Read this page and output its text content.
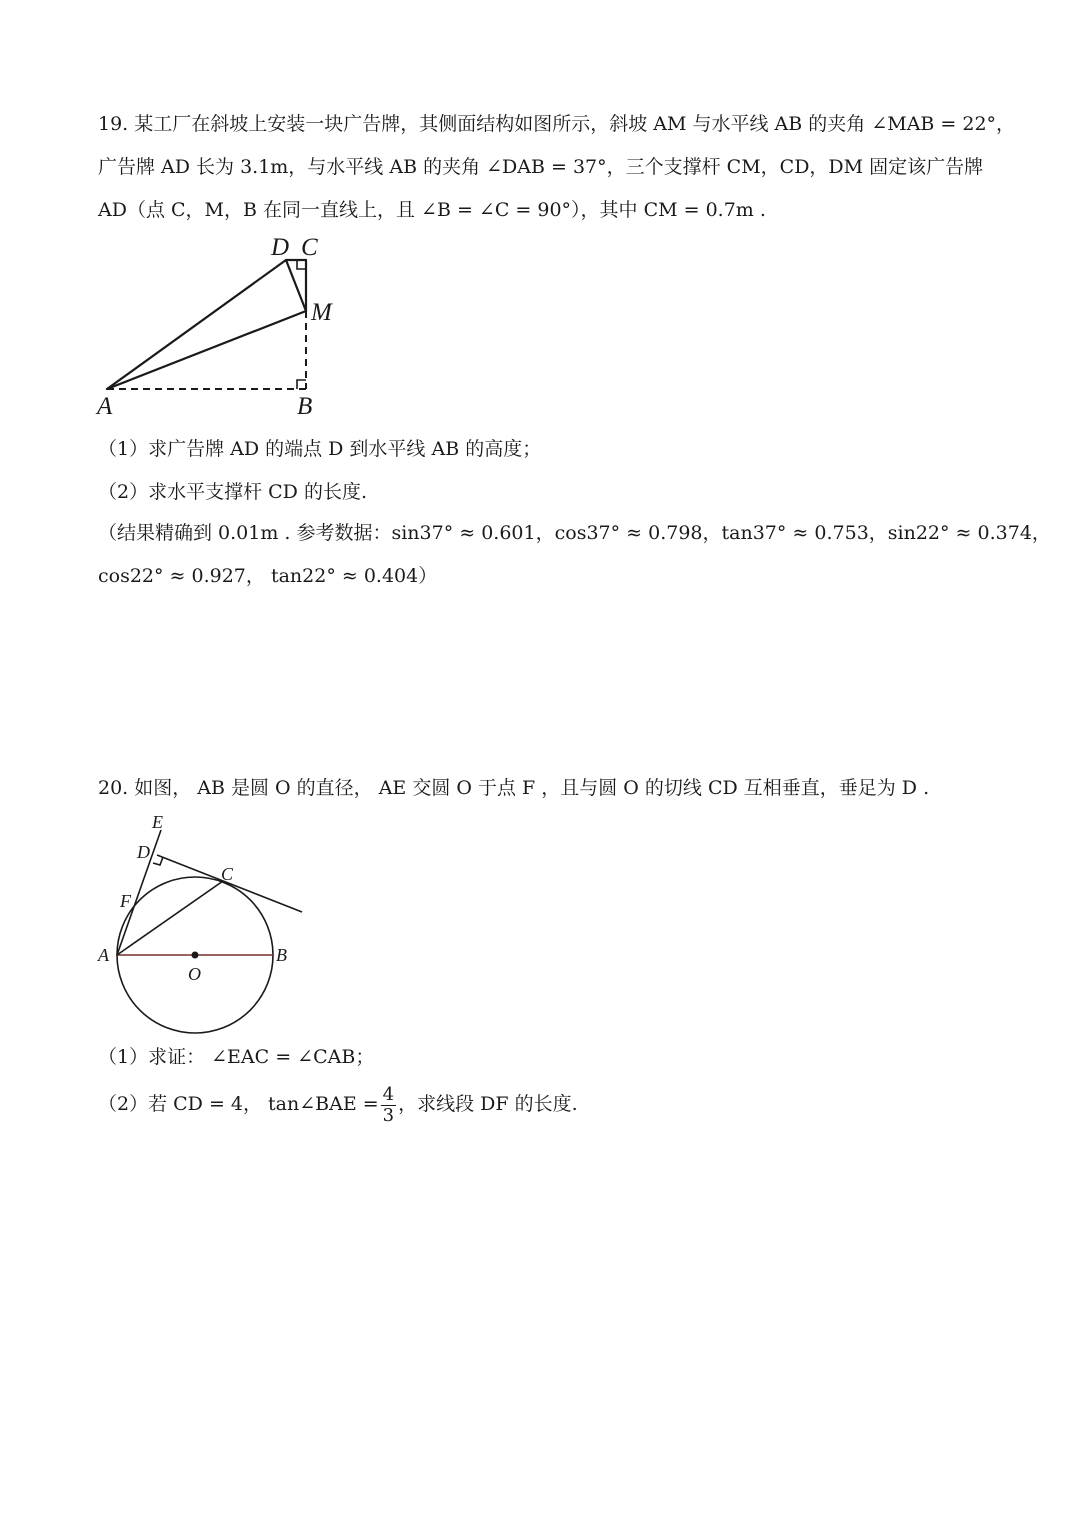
19. 某工厂在斜坡上安装一块广告牌，其侧面结构如图所示，斜坡 AM 与水平线 AB 的夹角 ∠MAB = 22°，
广告牌 AD 长为 3.1m，与水平线 AB 的夹角 ∠DAB = 37°，三个支撑杆 CM，CD，DM 固定该广告牌
AD（点 C，M，B 在同一直线上，且 ∠B = ∠C = 90°），其中 CM = 0.7m .
D C
M
A	B
（1）求广告牌 AD 的端点 D 到水平线 AB 的高度；
（2）求水平支撑杆 CD 的长度.
（结果精确到 0.01m . 参考数据：sin37° ≈ 0.601，cos37° ≈ 0.798，tan37° ≈ 0.753，sin22° ≈ 0.374，
cos22° ≈ 0.927， tan22° ≈ 0.404）
20. 如图， AB 是圆 O 的直径， AE 交圆 O 于点 F ，且与圆 O 的切线 CD 互相垂直，垂足为 D .
E
D
C
F
A
O
B
（1）求证： ∠EAC = ∠CAB；
（2）若 CD = 4， tan∠BAE = $\frac{4}{3}$ ，求线段 DF 的长度.
